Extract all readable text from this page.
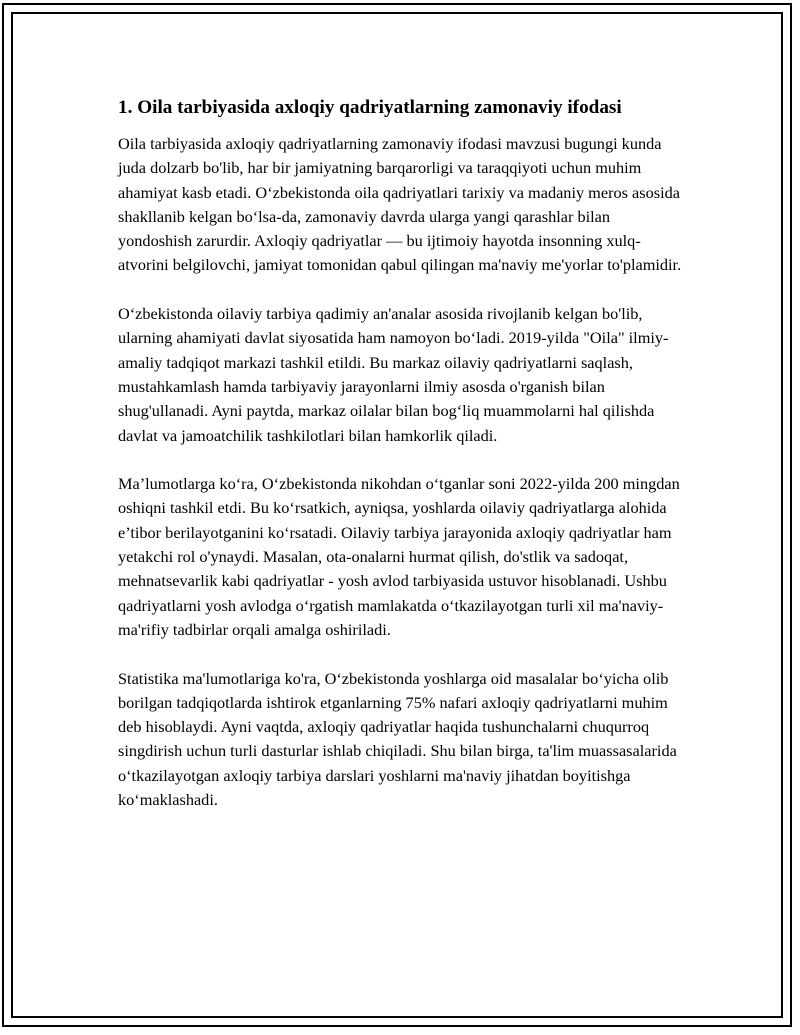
1. Oila tarbiyasida axloqiy qadriyatlarning zamonaviy ifodasi

Oila tarbiyasida axloqiy qadriyatlarning zamonaviy ifodasi mavzusi bugungi kunda juda dolzarb bo'lib, har bir jamiyatning barqarorligi va taraqqiyoti uchun muhim ahamiyat kasb etadi. O‘zbekistonda oila qadriyatlari tarixiy va madaniy meros asosida shakllanib kelgan bo‘lsa-da, zamonaviy davrda ularga yangi qarashlar bilan yondoshish zarurdir. Axloqiy qadriyatlar — bu ijtimoiy hayotda insonning xulq-atvorini belgilovchi, jamiyat tomonidan qabul qilingan ma'naviy me'yorlar to'plamidir.

O‘zbekistonda oilaviy tarbiya qadimiy an'analar asosida rivojlanib kelgan bo'lib, ularning ahamiyati davlat siyosatida ham namoyon bo‘ladi. 2019-yilda "Oila" ilmiy-amaliy tadqiqot markazi tashkil etildi. Bu markaz oilaviy qadriyatlarni saqlash, mustahkamlash hamda tarbiyaviy jarayonlarni ilmiy asosda o'rganish bilan shug'ullanadi. Ayni paytda, markaz oilalar bilan bog‘liq muammolarni hal qilishda davlat va jamoatchilik tashkilotlari bilan hamkorlik qiladi.

Ma’lumotlarga ko‘ra, O‘zbekistonda nikohdan o‘tganlar soni 2022-yilda 200 mingdan oshiqni tashkil etdi. Bu ko‘rsatkich, ayniqsa, yoshlarda oilaviy qadriyatlarga alohida e’tibor berilayotganini ko‘rsatadi. Oilaviy tarbiya jarayonida axloqiy qadriyatlar ham yetakchi rol o'ynaydi. Masalan, ota-onalarni hurmat qilish, do'stlik va sadoqat, mehnatsevarlik kabi qadriyatlar - yosh avlod tarbiyasida ustuvor hisoblanadi. Ushbu qadriyatlarni yosh avlodga o‘rgatish mamlakatda o‘tkazilayotgan turli xil ma'naviy-ma'rifiy tadbirlar orqali amalga oshiriladi.

Statistika ma'lumotlariga ko'ra, O‘zbekistonda yoshlarga oid masalalar bo‘yicha olib borilgan tadqiqotlarda ishtirok etganlarning 75% nafari axloqiy qadriyatlarni muhim deb hisoblaydi. Ayni vaqtda, axloqiy qadriyatlar haqida tushunchalarni chuqurroq singdirish uchun turli dasturlar ishlab chiqiladi. Shu bilan birga, ta'lim muassasalarida o‘tkazilayotgan axloqiy tarbiya darslari yoshlarni ma'naviy jihatdan boyitishga ko‘maklashadi.
